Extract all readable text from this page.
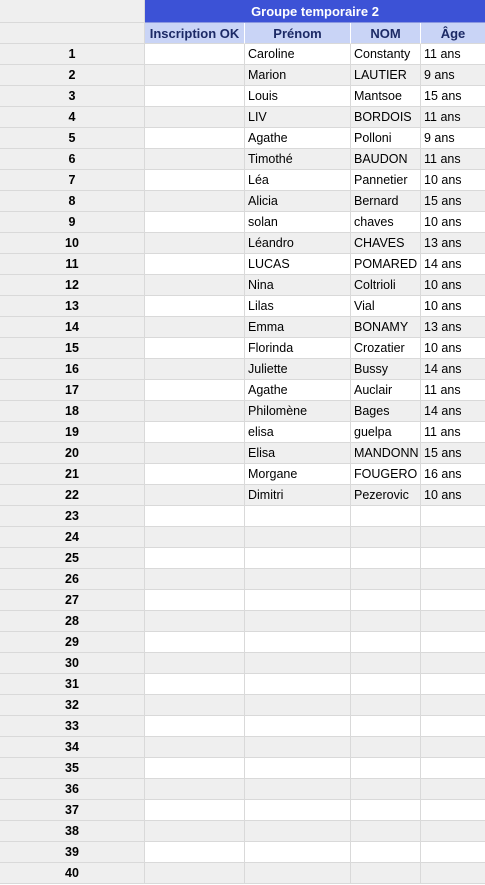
Groupe temporaire 2
Inscription OK	Prénom	NOM	Âge
1	Caroline	Constanty	11 ans
2	Marion	LAUTIER	9 ans
3	Louis	Mantsoe	15 ans
4	LIV	BORDOIS 11 ans
5	Agathe	Polloni	9 ans
6	Timothé	BAUDON	11 ans
7	Léa	Pannetier	10 ans
8	Alicia	Bernard	15 ans
9	solan	chaves	10 ans
10	Léandro	CHAVES	13 ans
11	LUCAS	POMARED 14 ans
12	Nina	Coltrioli	10 ans
13	Lilas	Vial	10 ans
14	Emma	BONAMY	13 ans
15	Florinda	Crozatier	10 ans
16	Juliette	Bussy	14 ans
17	Agathe	Auclair	11 ans
18	Philomène	Bages	14 ans
19	elisa	guelpa	11 ans
20	Elisa	MANDONN 15 ans
21	Morgane	FOUGERO 16 ans
22	Dimitri	Pezerovic	10 ans
23
24
25
26
27
28
29
30
31
32
33
34
35
36
37
38
39
40
